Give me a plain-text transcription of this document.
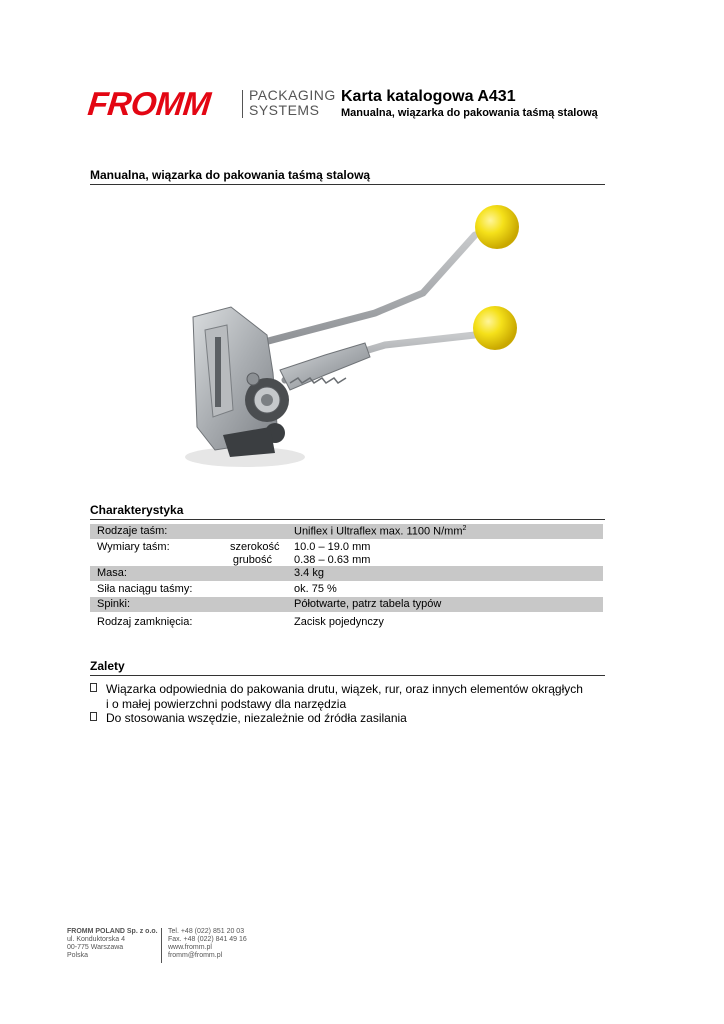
FROMM	PACKAGING
SYSTEMS
Karta katalogowa A431
Manualna, wiązarka do pakowania taśmą stalową
Manualna, wiązarka do pakowania taśmą stalową
Charakterystyka
Rodzaje taśm:	Uniflex i Ultraflex max. 1100 $N/mm^2$
Wymiary taśm:	szerokość 10.0 – 19.0 mm
grubość 0.38 – 0.63 mm
Masa:	3.4 kg
Siła naciągu taśmy:	ok. 75 %
Spinki:	Półotwarte, patrz tabela typów
Rodzaj zamknięcia:	Zacisk pojedynczy
Zalety
Wiązarka odpowiednia do pakowania drutu, wiązek, rur, oraz innych elementów okrągłych
i o małej powierzchni podstawy dla narzędzia
Do stosowania wszędzie, niezależnie od źródła zasilania
FROMM POLAND Sp. z o.o.
ul. Konduktorska 4
00-775 Warszawa
Polska
Tel. +48 (022) 851 20 03
Fax. +48 (022) 841 49 16
www.fromm.pl
fromm@fromm.pl
